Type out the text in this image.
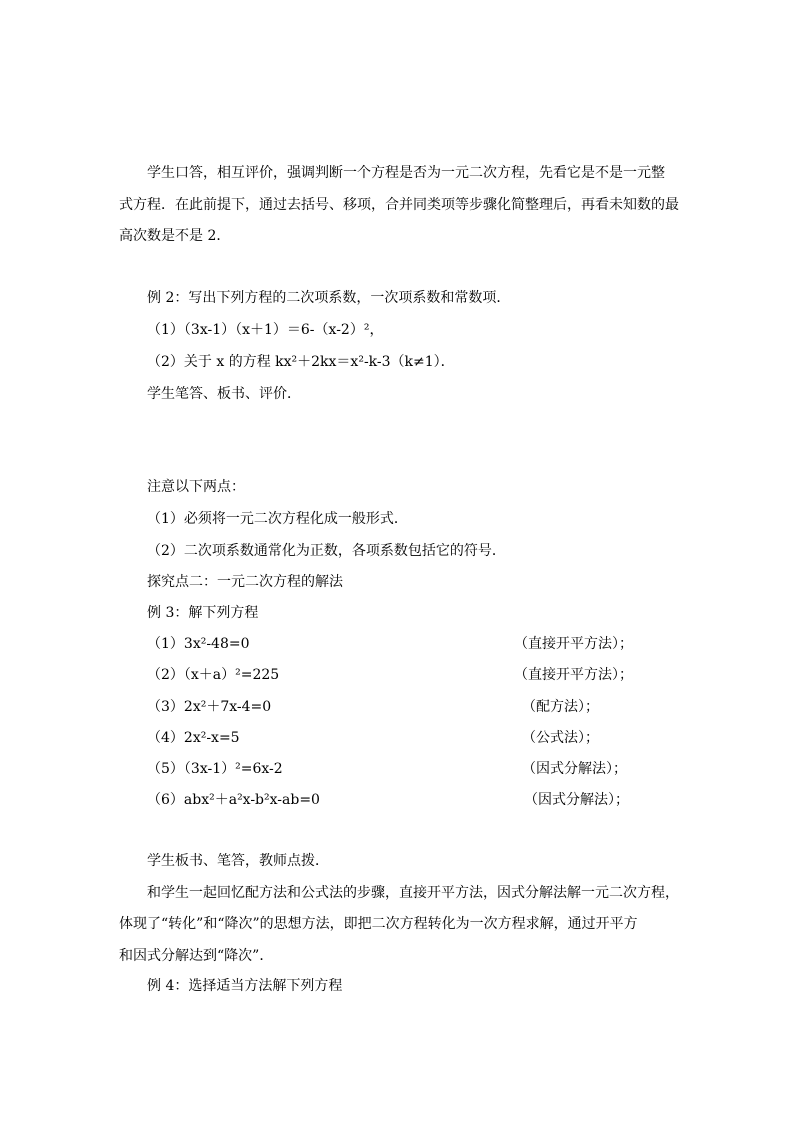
学生口答，相互评价，强调判断一个方程是否为一元二次方程，先看它是不是一元整
式方程．在此前提下，通过去括号、移项，合并同类项等步骤化简整理后，再看未知数的最
高次数是不是 2．
例 2：写出下列方程的二次项系数，一次项系数和常数项．
（1）（3x-1）（x＋1）＝6-（x-2）²，
（2）关于 x 的方程 kx²＋2kx＝x²-k-3（k≠1）．
学生笔答、板书、评价．
注意以下两点：
（1）必须将一元二次方程化成一般形式．
（2）二次项系数通常化为正数，各项系数包括它的符号．
探究点二：一元二次方程的解法
例 3：解下列方程
（1）3x²-48=0	（直接开平方法）；
（2）（x＋a）²=225	（直接开平方法）；
（3）2x²＋7x-4=0	（配方法）；
（4）2x²-x=5	（公式法）；
（5）（3x-1）²=6x-2	（因式分解法）；
（6）abx²＋a²x-b²x-ab=0	（因式分解法）；
学生板书、笔答，教师点拨．
和学生一起回忆配方法和公式法的步骤，直接开平方法，因式分解法解一元二次方程，
体现了“转化”和“降次”的思想方法，即把二次方程转化为一次方程求解，通过开平方
和因式分解达到“降次”．
例 4：选择适当方法解下列方程
